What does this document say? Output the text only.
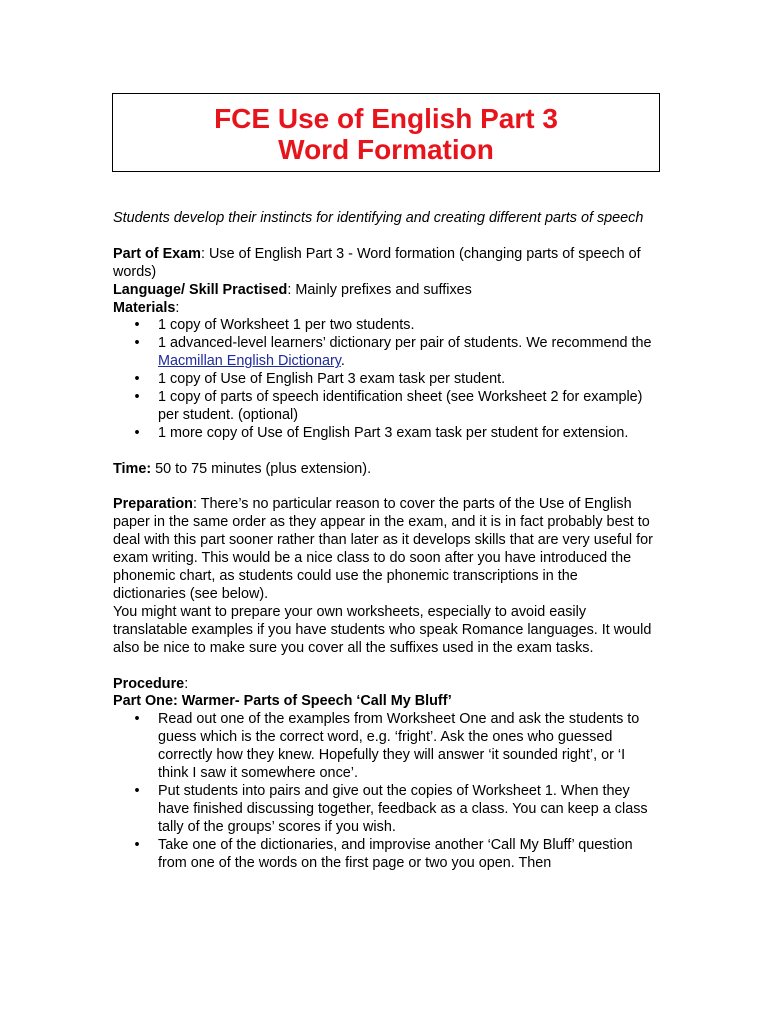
FCE Use of English Part 3
Word Formation

Students develop their instincts for identifying and creating different parts of speech

Part of Exam: Use of English Part 3 - Word formation (changing parts of speech of words)

Language/ Skill Practised: Mainly prefixes and suffixes

Materials:

• 1 copy of Worksheet 1 per two students.
• 1 advanced-level learners’ dictionary per pair of students. We recommend the Macmillan English Dictionary.
• 1 copy of Use of English Part 3 exam task per student.
• 1 copy of parts of speech identification sheet (see Worksheet 2 for example) per student. (optional)
• 1 more copy of Use of English Part 3 exam task per student for extension.

Time: 50 to 75 minutes (plus extension).

Preparation: There’s no particular reason to cover the parts of the Use of English paper in the same order as they appear in the exam, and it is in fact probably best to deal with this part sooner rather than later as it develops skills that are very useful for exam writing. This would be a nice class to do soon after you have introduced the phonemic chart, as students could use the phonemic transcriptions in the dictionaries (see below).

You might want to prepare your own worksheets, especially to avoid easily translatable examples if you have students who speak Romance languages. It would also be nice to make sure you cover all the suffixes used in the exam tasks.

Procedure:

Part One: Warmer- Parts of Speech ‘Call My Bluff’

• Read out one of the examples from Worksheet One and ask the students to guess which is the correct word, e.g. ‘fright’. Ask the ones who guessed correctly how they knew. Hopefully they will answer ‘it sounded right’, or ‘I think I saw it somewhere once’.
• Put students into pairs and give out the copies of Worksheet 1. When they have finished discussing together, feedback as a class. You can keep a class tally of the groups’ scores if you wish.
• Take one of the dictionaries, and improvise another ‘Call My Bluff’ question from one of the words on the first page or two you open. Then
